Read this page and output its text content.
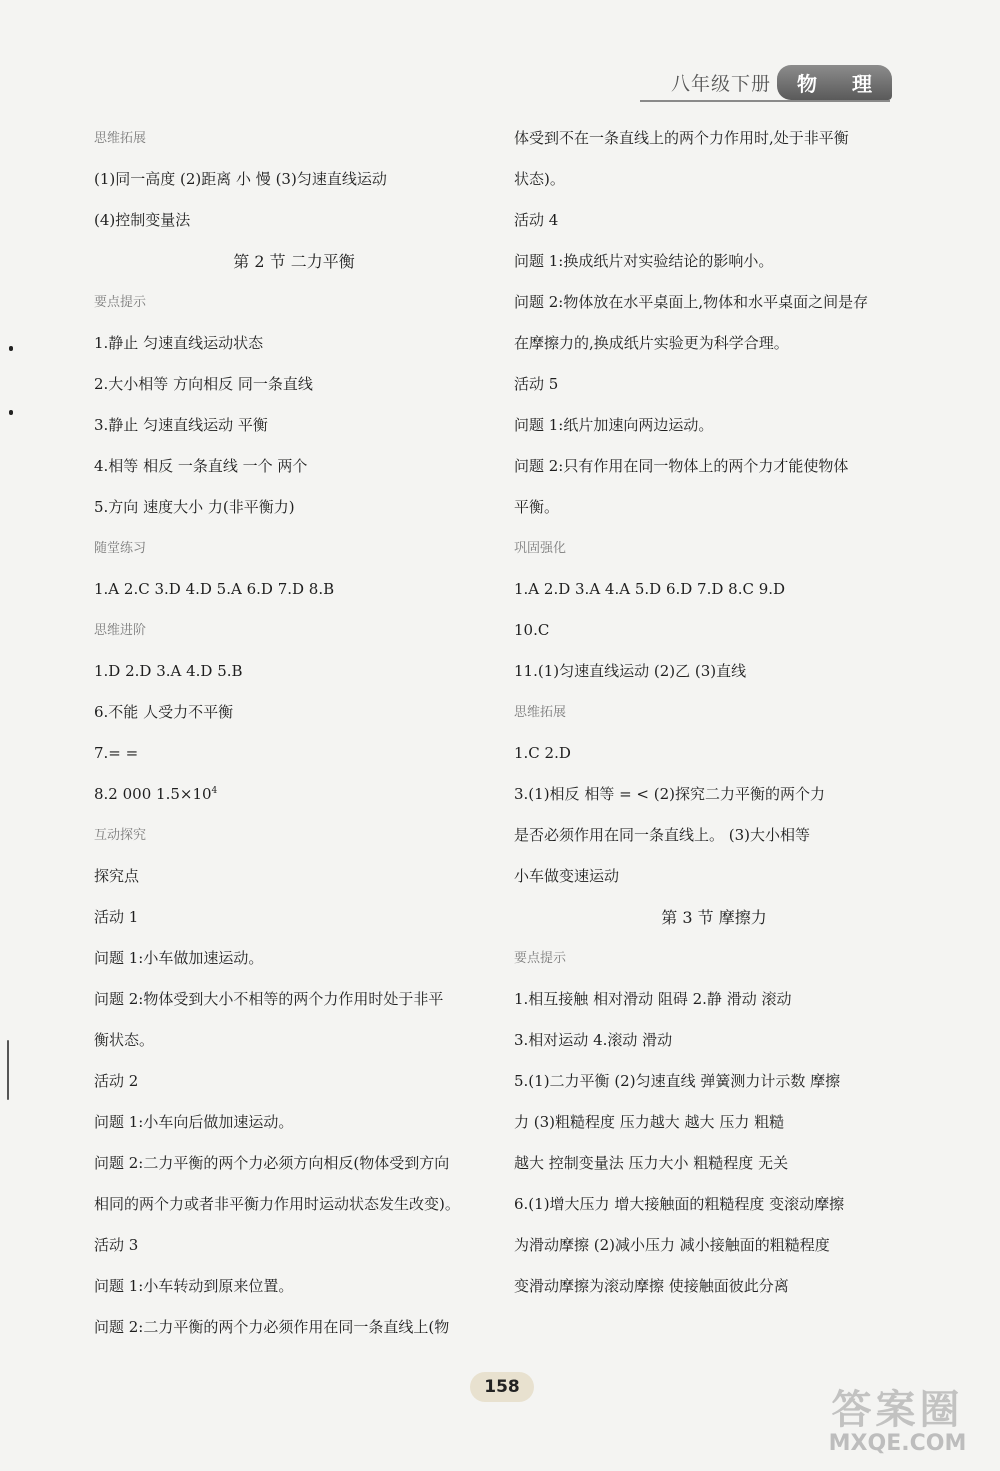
八年级下册	物 理
思维拓展
(1)同一高度 (2)距离 小 慢 (3)匀速直线运动
(4)控制变量法
第 2 节 二力平衡
要点提示
1.静止 匀速直线运动状态
2.大小相等 方向相反 同一条直线
3.静止 匀速直线运动 平衡
4.相等 相反 一条直线 一个 两个
5.方向 速度大小 力(非平衡力)
随堂练习
1.A 2.C 3.D 4.D 5.A 6.D 7.D 8.B
思维进阶
1.D 2.D 3.A 4.D 5.B
6.不能 人受力不平衡
7.= =
8.2 000 $1.5\times 10^4$
互动探究
探究点
活动 1
问题 1:小车做加速运动。
问题 2:物体受到大小不相等的两个力作用时处于非平
衡状态。
活动 2
问题 1:小车向后做加速运动。
问题 2:二力平衡的两个力必须方向相反(物体受到方向
相同的两个力或者非平衡力作用时运动状态发生改变)。
活动 3
问题 1:小车转动到原来位置。
问题 2:二力平衡的两个力必须作用在同一条直线上(物
体受到不在一条直线上的两个力作用时,处于非平衡
状态)。
活动 4
问题 1:换成纸片对实验结论的影响小。
问题 2:物体放在水平桌面上,物体和水平桌面之间是存
在摩擦力的,换成纸片实验更为科学合理。
活动 5
问题 1:纸片加速向两边运动。
问题 2:只有作用在同一物体上的两个力才能使物体
平衡。
巩固强化
1.A 2.D 3.A 4.A 5.D 6.D 7.D 8.C 9.D
10.C
11.(1)匀速直线运动 (2)乙 (3)直线
思维拓展
1.C 2.D
3.(1)相反 相等 = < (2)探究二力平衡的两个力
是否必须作用在同一条直线上。 (3)大小相等
小车做变速运动
第 3 节 摩擦力
要点提示
1.相互接触 相对滑动 阻碍 2.静 滑动 滚动
3.相对运动 4.滚动 滑动
5.(1)二力平衡 (2)匀速直线 弹簧测力计示数 摩擦
力 (3)粗糙程度 压力越大 越大 压力 粗糙
越大 控制变量法 压力大小 粗糙程度 无关
6.(1)增大压力 增大接触面的粗糙程度 变滚动摩擦
为滑动摩擦 (2)减小压力 减小接触面的粗糙程度
变滑动摩擦为滚动摩擦 使接触面彼此分离
158	答案圈
MXQE.COM
